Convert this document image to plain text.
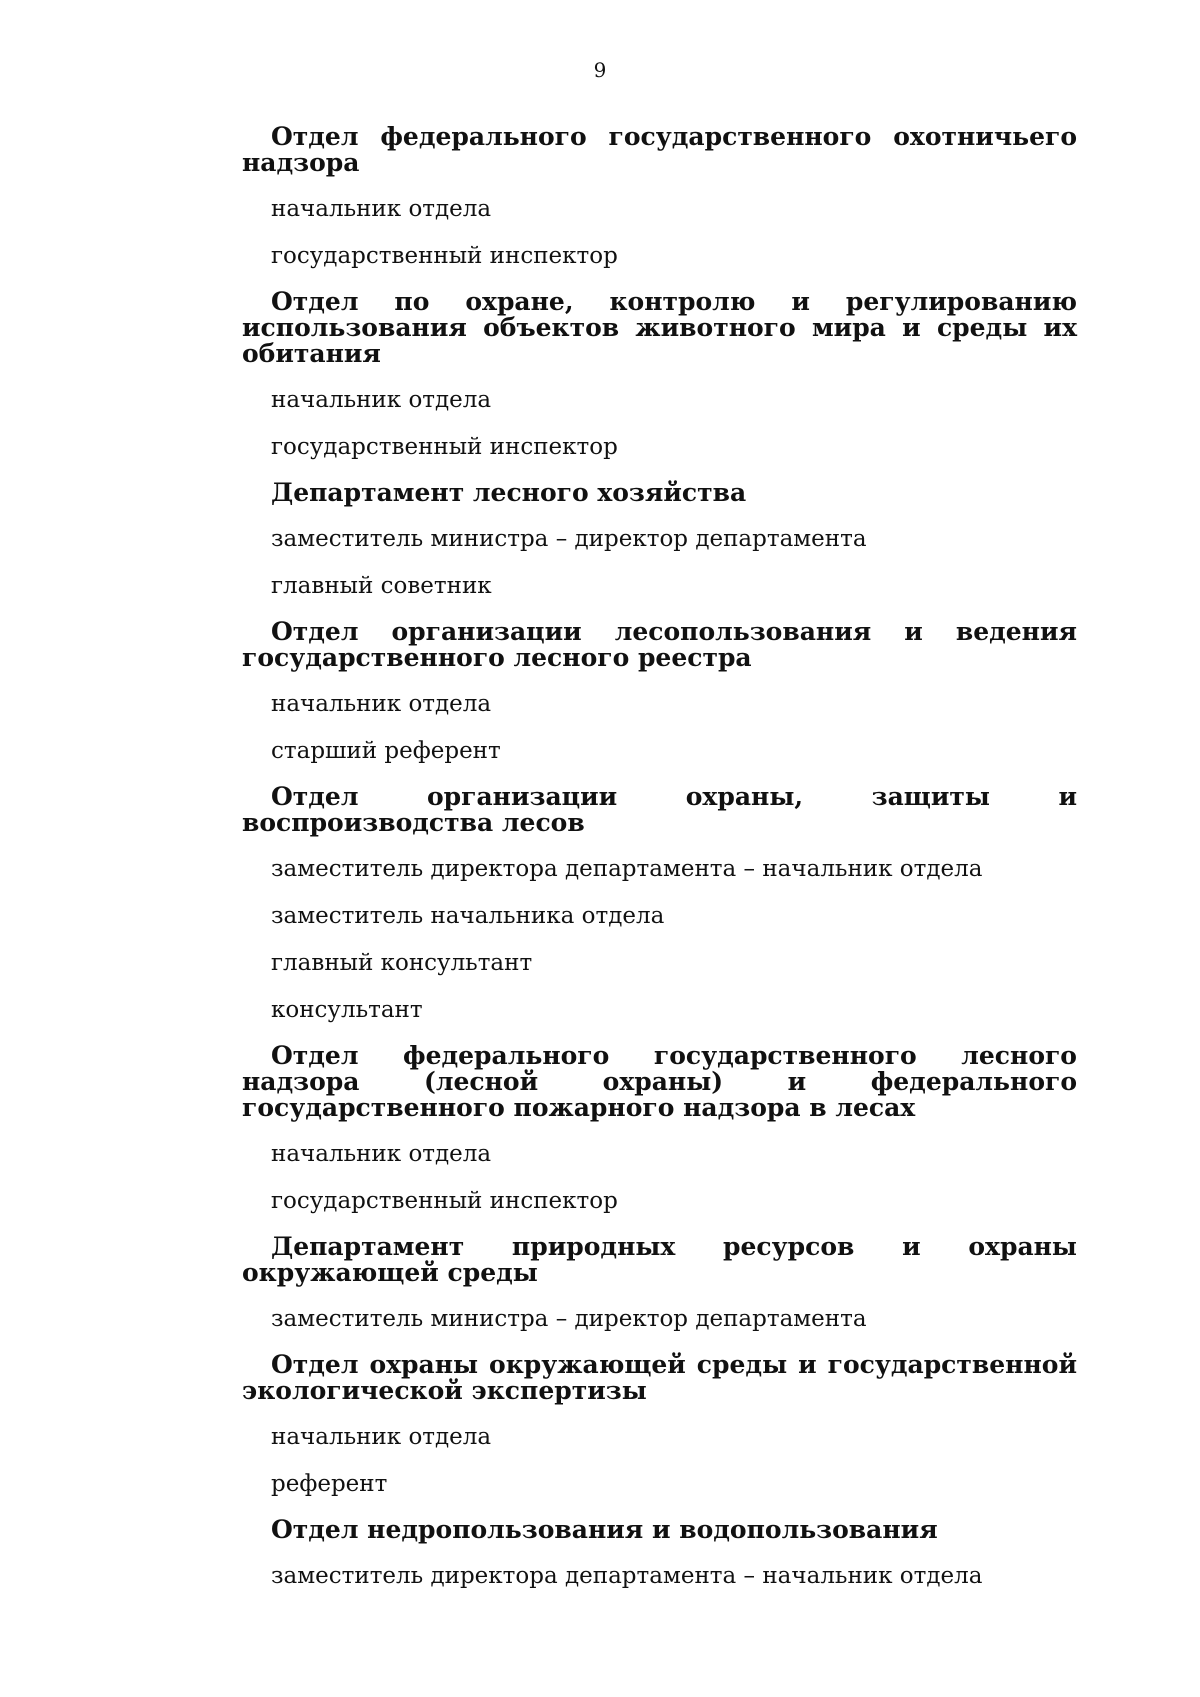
9
Отдел федерального государственного охотничьего надзора
начальник отдела
государственный инспектор
Отдел по охране, контролю и регулированию использования объектов животного мира и среды их обитания
начальник отдела
государственный инспектор
Департамент лесного хозяйства
заместитель министра – директор департамента
главный советник
Отдел организации лесопользования и ведения государственного лесного реестра
начальник отдела
старший референт
Отдел организации охраны, защиты и воспроизводства лесов
заместитель директора департамента – начальник отдела
заместитель начальника отдела
главный консультант
консультант
Отдел федерального государственного лесного надзора (лесной охраны) и федерального государственного пожарного надзора в лесах
начальник отдела
государственный инспектор
Департамент природных ресурсов и охраны окружающей среды
заместитель министра – директор департамента
Отдел охраны окружающей среды и государственной экологической экспертизы
начальник отдела
референт
Отдел недропользования и водопользования
заместитель директора департамента – начальник отдела
